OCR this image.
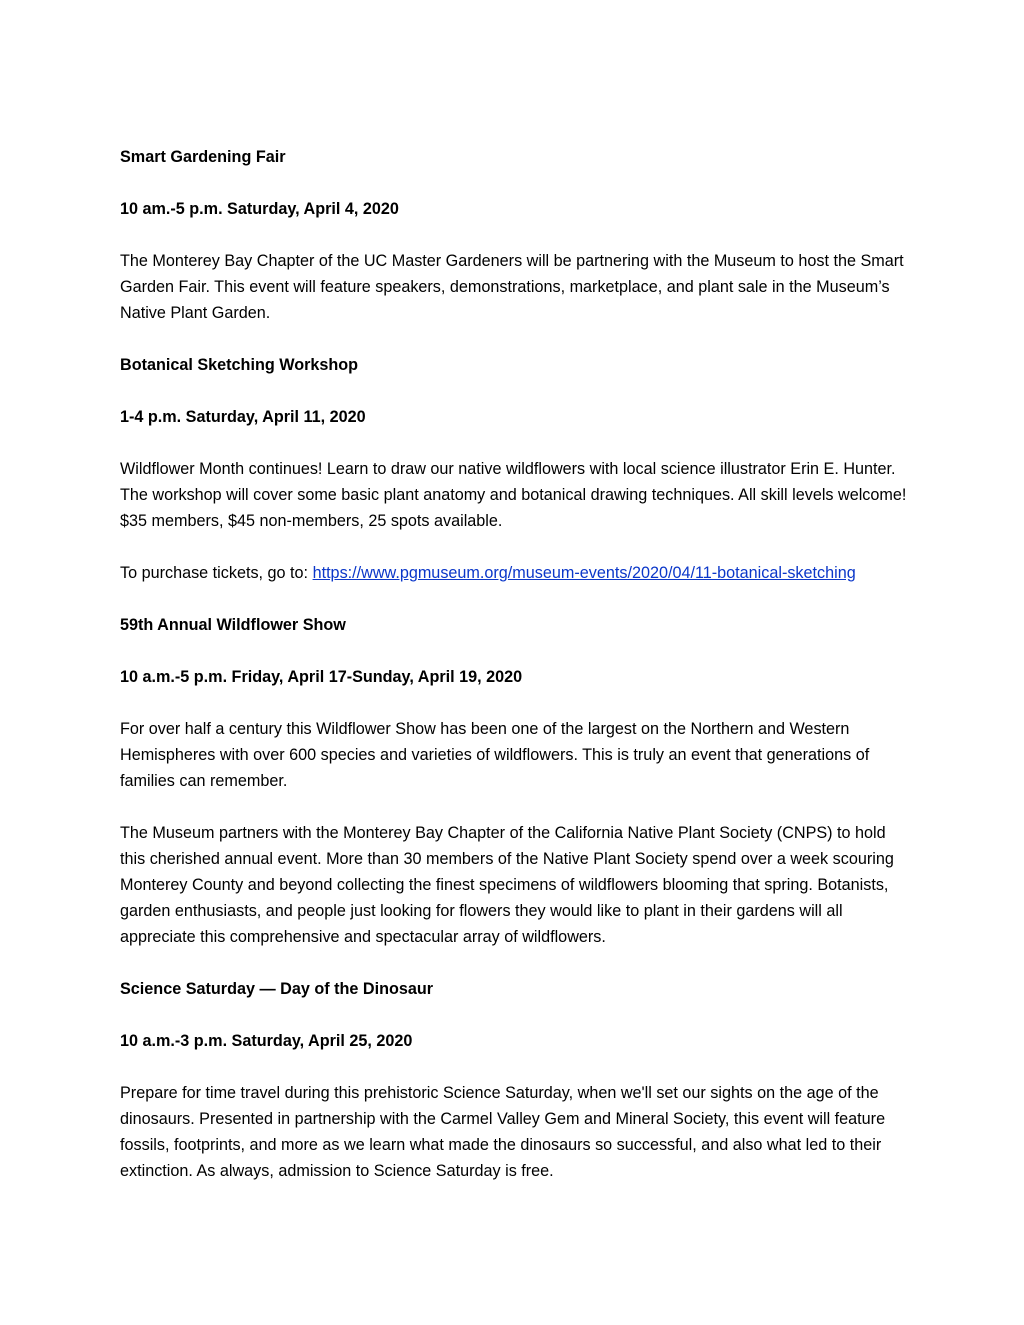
Smart Gardening Fair

10 am.-5 p.m. Saturday, April 4, 2020

The Monterey Bay Chapter of the UC Master Gardeners will be partnering with the Museum to host the Smart Garden Fair. This event will feature speakers, demonstrations, marketplace, and plant sale in the Museum’s Native Plant Garden.

Botanical Sketching Workshop

1-4 p.m. Saturday, April 11, 2020

Wildflower Month continues! Learn to draw our native wildflowers with local science illustrator Erin E. Hunter. The workshop will cover some basic plant anatomy and botanical drawing techniques. All skill levels welcome! $35 members, $45 non-members, 25 spots available.

To purchase tickets, go to: https://www.pgmuseum.org/museum-events/2020/04/11-botanical-sketching

59th Annual Wildflower Show

10 a.m.-5 p.m. Friday, April 17-Sunday, April 19, 2020

For over half a century this Wildflower Show has been one of the largest on the Northern and Western Hemispheres with over 600 species and varieties of wildflowers. This is truly an event that generations of families can remember.

The Museum partners with the Monterey Bay Chapter of the California Native Plant Society (CNPS) to hold this cherished annual event. More than 30 members of the Native Plant Society spend over a week scouring Monterey County and beyond collecting the finest specimens of wildflowers blooming that spring. Botanists, garden enthusiasts, and people just looking for flowers they would like to plant in their gardens will all appreciate this comprehensive and spectacular array of wildflowers.

Science Saturday — Day of the Dinosaur

10 a.m.-3 p.m. Saturday, April 25, 2020

Prepare for time travel during this prehistoric Science Saturday, when we'll set our sights on the age of the dinosaurs. Presented in partnership with the Carmel Valley Gem and Mineral Society, this event will feature fossils, footprints, and more as we learn what made the dinosaurs so successful, and also what led to their extinction. As always, admission to Science Saturday is free.
